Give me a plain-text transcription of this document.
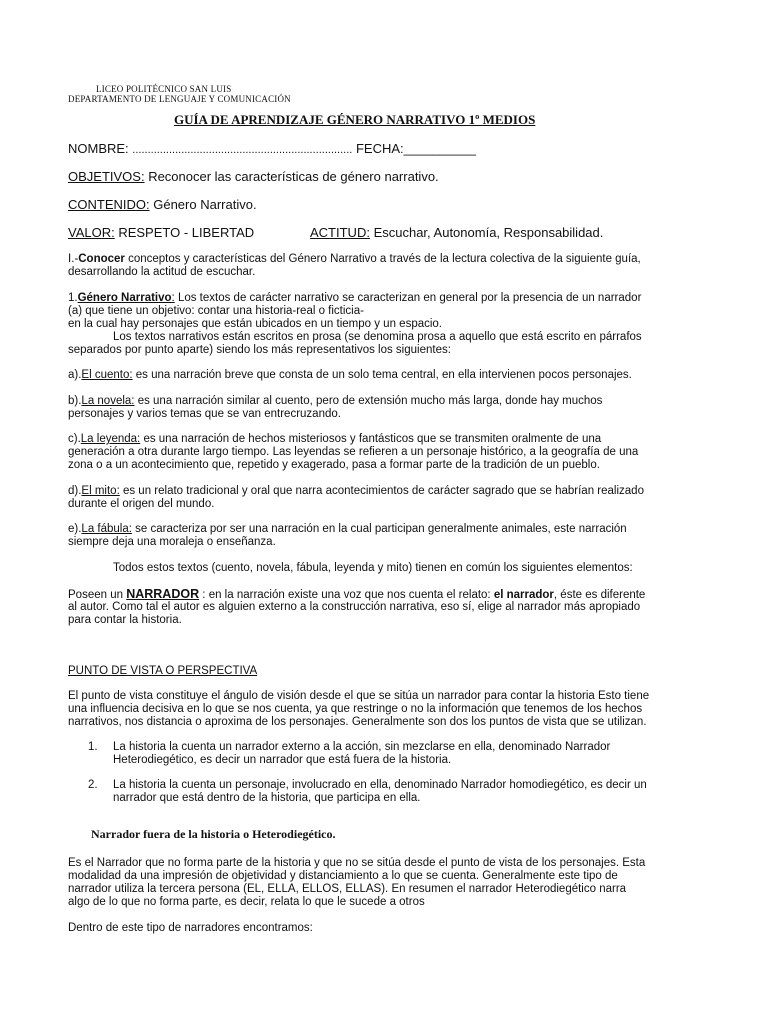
LICEO POLITÉCNICO SAN LUIS
DEPARTAMENTO DE LENGUAJE Y COMUNICACIÓN
GUÍA DE APRENDIZAJE GÉNERO NARRATIVO 1º MEDIOS
NOMBRE: ........................................................................ FECHA:__________
OBJETIVOS: Reconocer las características de género narrativo.
CONTENIDO: Género Narrativo.
VALOR: RESPETO - LIBERTAD	ACTITUD: Escuchar, Autonomía, Responsabilidad.
I.-Conocer conceptos y características del Género Narrativo a través de la lectura colectiva de la siguiente guía,
desarrollando la actitud de escuchar.
1.Género Narrativo: Los textos de carácter narrativo se caracterizan en general por la presencia de un narrador
(a) que tiene un objetivo: contar una historia-real o ficticia-
en la cual hay personajes que están ubicados en un tiempo y un espacio.
Los textos narrativos están escritos en prosa (se denomina prosa a aquello que está escrito en párrafos
separados por punto aparte) siendo los más representativos los siguientes:
a).El cuento: es una narración breve que consta de un solo tema central, en ella intervienen pocos personajes.
b).La novela: es una narración similar al cuento, pero de extensión mucho más larga, donde hay muchos
personajes y varios temas que se van entrecruzando.
c).La leyenda: es una narración de hechos misteriosos y fantásticos que se transmiten oralmente de una
generación a otra durante largo tiempo. Las leyendas se refieren a un personaje histórico, a la geografía de una
zona o a un acontecimiento que, repetido y exagerado, pasa a formar parte de la tradición de un pueblo.
d).El mito: es un relato tradicional y oral que narra acontecimientos de carácter sagrado que se habrían realizado
durante el origen del mundo.
e).La fábula: se caracteriza por ser una narración en la cual participan generalmente animales, este narración
siempre deja una moraleja o enseñanza.
Todos estos textos (cuento, novela, fábula, leyenda y mito) tienen en común los siguientes elementos:
Poseen un NARRADOR : en la narración existe una voz que nos cuenta el relato: el narrador, éste es diferente
al autor. Como tal el autor es alguien externo a la construcción narrativa, eso sí, elige al narrador más apropiado
para contar la historia.
PUNTO DE VISTA O PERSPECTIVA
El punto de vista constituye el ángulo de visión desde el que se sitúa un narrador para contar la historia Esto tiene
una influencia decisiva en lo que se nos cuenta, ya que restringe o no la información que tenemos de los hechos
narrativos, nos distancia o aproxima de los personajes. Generalmente son dos los puntos de vista que se utilizan.
1. La historia la cuenta un narrador externo a la acción, sin mezclarse en ella, denominado Narrador
Heterodiegético, es decir un narrador que está fuera de la historia.
2. La historia la cuenta un personaje, involucrado en ella, denominado Narrador homodiegético, es decir un
narrador que está dentro de la historia, que participa en ella.
Narrador fuera de la historia o Heterodiegético.
Es el Narrador que no forma parte de la historia y que no se sitúa desde el punto de vista de los personajes. Esta
modalidad da una impresión de objetividad y distanciamiento a lo que se cuenta. Generalmente este tipo de
narrador utiliza la tercera persona (EL, ELLA, ELLOS, ELLAS). En resumen el narrador Heterodiegético narra
algo de lo que no forma parte, es decir, relata lo que le sucede a otros
Dentro de este tipo de narradores encontramos:
